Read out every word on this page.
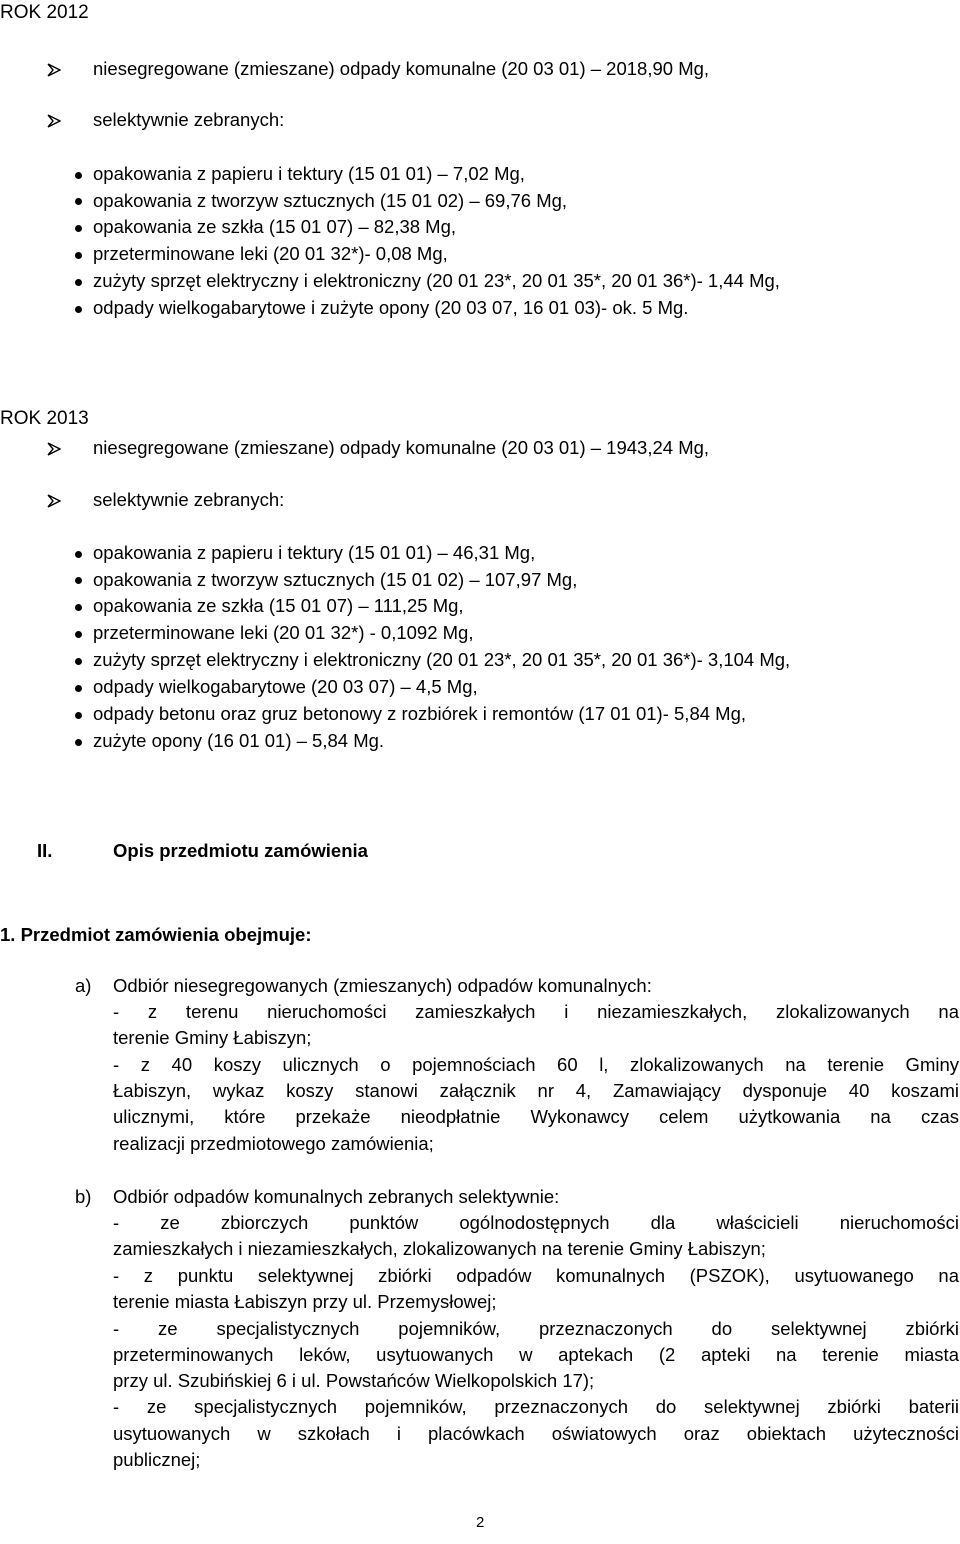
ROK 2012
niesegregowane (zmieszane) odpady komunalne (20 03 01) – 2018,90 Mg,
selektywnie zebranych:
opakowania z papieru i tektury (15 01 01) – 7,02 Mg,
opakowania z tworzyw sztucznych (15 01 02) – 69,76 Mg,
opakowania ze szkła (15 01 07) – 82,38 Mg,
przeterminowane leki (20 01 32*)- 0,08 Mg,
zużyty sprzęt elektryczny i elektroniczny (20 01 23*, 20 01 35*, 20 01 36*)- 1,44 Mg,
odpady wielkogabarytowe i zużyte opony (20 03 07, 16 01 03)- ok. 5 Mg.
ROK 2013
niesegregowane (zmieszane) odpady komunalne (20 03 01) – 1943,24 Mg,
selektywnie zebranych:
opakowania z papieru i tektury (15 01 01) – 46,31 Mg,
opakowania z tworzyw sztucznych (15 01 02) – 107,97 Mg,
opakowania ze szkła (15 01 07) – 111,25 Mg,
przeterminowane leki (20 01 32*) - 0,1092 Mg,
zużyty sprzęt elektryczny i elektroniczny (20 01 23*, 20 01 35*, 20 01 36*)- 3,104 Mg,
odpady wielkogabarytowe (20 03 07) – 4,5 Mg,
odpady betonu oraz gruz betonowy z rozbiórek i remontów (17 01 01)- 5,84 Mg,
zużyte opony (16 01 01) – 5,84 Mg.
II.	Opis przedmiotu zamówienia
1. Przedmiot zamówienia obejmuje:
a) Odbiór niesegregowanych (zmieszanych) odpadów komunalnych:
- z terenu nieruchomości zamieszkałych i niezamieszkałych, zlokalizowanych na
terenie Gminy Łabiszyn;
- z 40 koszy ulicznych o pojemnościach 60 l, zlokalizowanych na terenie Gminy
Łabiszyn, wykaz koszy stanowi załącznik nr 4, Zamawiający dysponuje 40 koszami
ulicznymi, które przekaże nieodpłatnie Wykonawcy celem użytkowania na czas
realizacji przedmiotowego zamówienia;
b) Odbiór odpadów komunalnych zebranych selektywnie:
- ze zbiorczych punktów ogólnodostępnych dla właścicieli nieruchomości
zamieszkałych i niezamieszkałych, zlokalizowanych na terenie Gminy Łabiszyn;
- z punktu selektywnej zbiórki odpadów komunalnych (PSZOK), usytuowanego na
terenie miasta Łabiszyn przy ul. Przemysłowej;
- ze specjalistycznych pojemników, przeznaczonych do selektywnej zbiórki
przeterminowanych leków, usytuowanych w aptekach (2 apteki na terenie miasta
przy ul. Szubińskiej 6 i ul. Powstańców Wielkopolskich 17);
- ze specjalistycznych pojemników, przeznaczonych do selektywnej zbiórki baterii
usytuowanych w szkołach i placówkach oświatowych oraz obiektach użyteczności
publicznej;
2
